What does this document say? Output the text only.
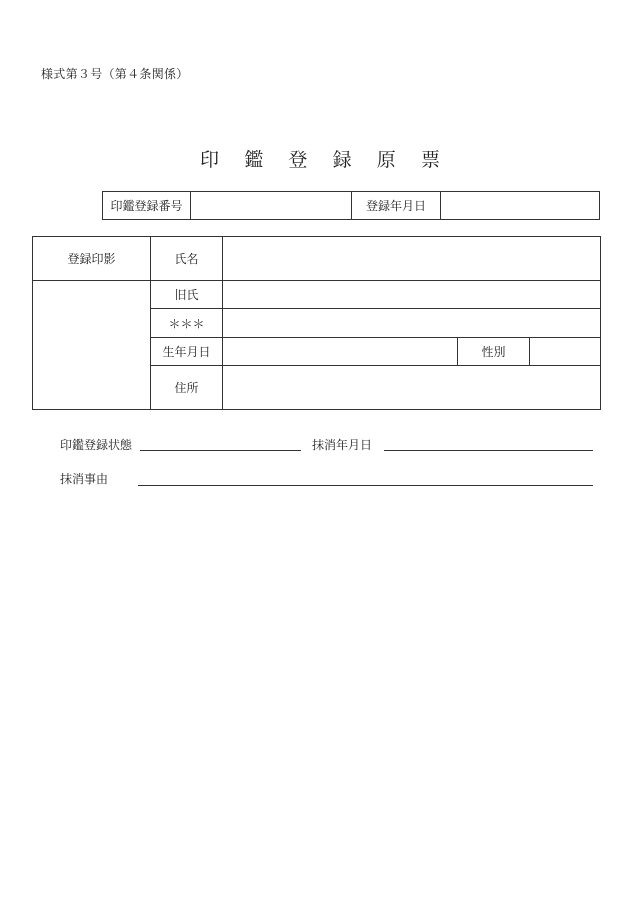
様式第３号（第４条関係）
印 鑑 登 録 原 票
印鑑登録番号		登録年月日	
登録印影	氏名			
	旧氏			
	＊＊＊			
	生年月日		性別	
	住所			
印鑑登録状態	抹消年月日
抹消事由
